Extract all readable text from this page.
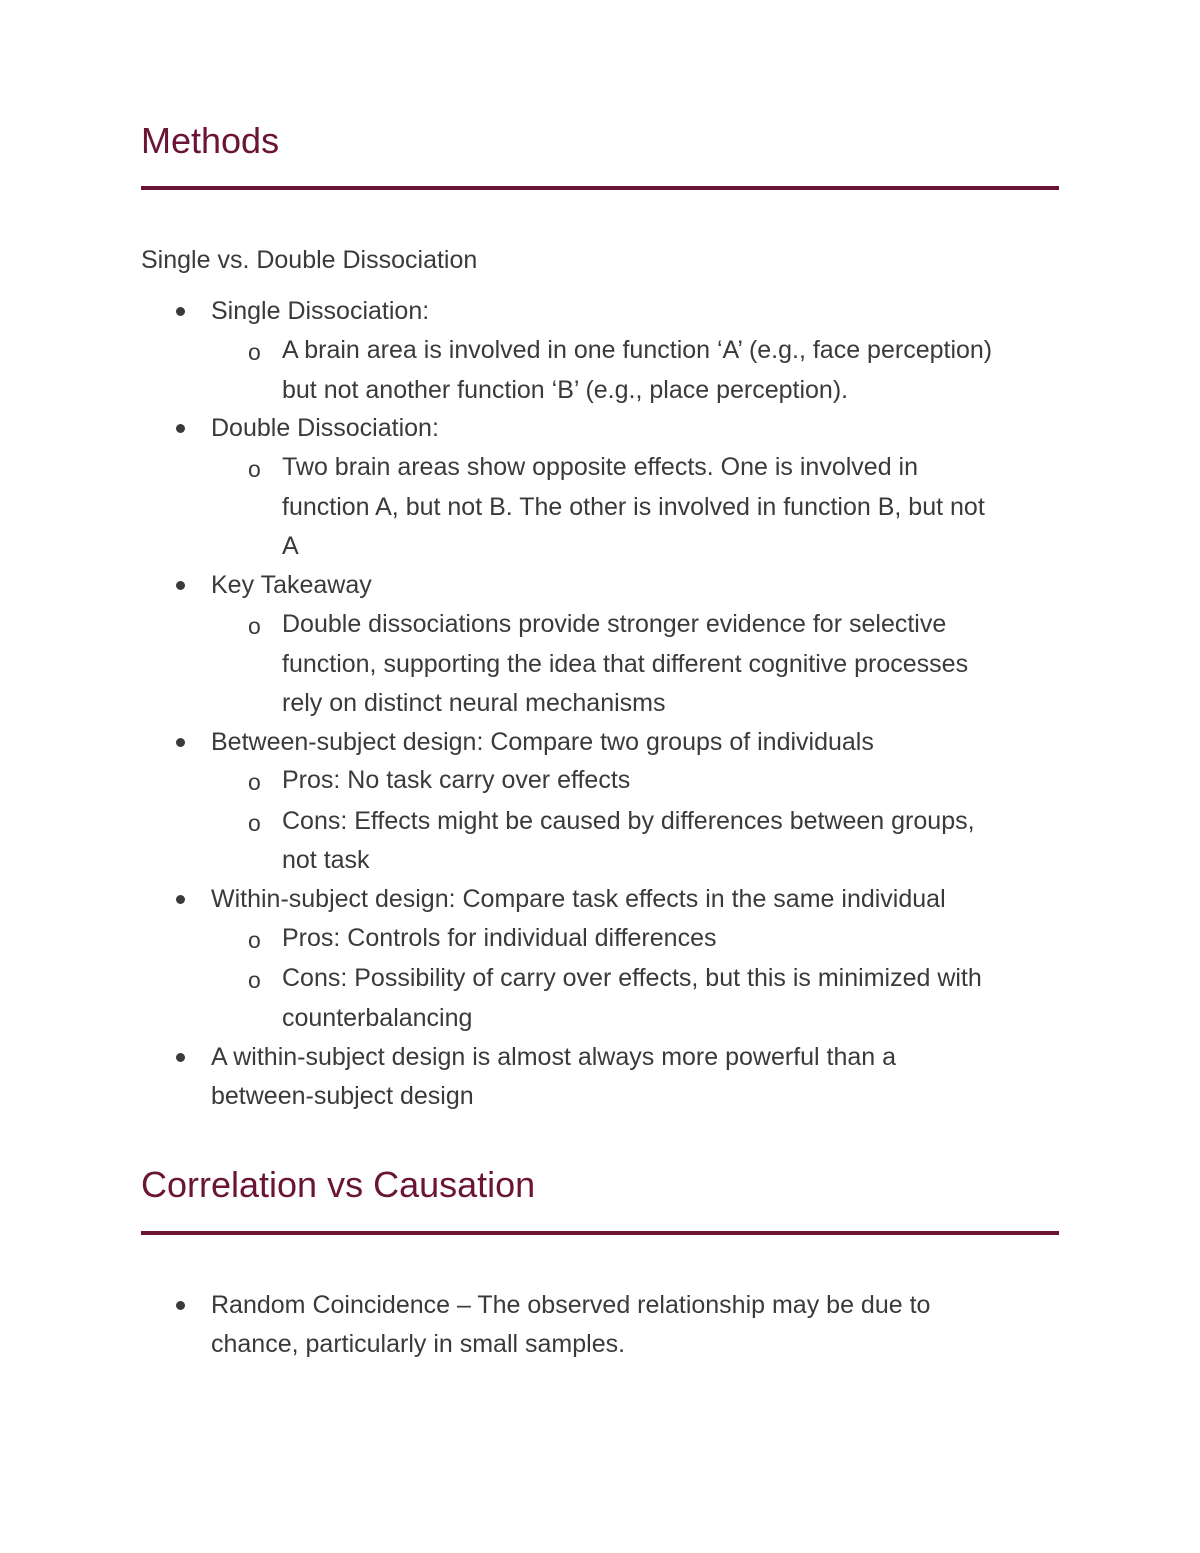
Methods
Single vs. Double Dissociation
Single Dissociation:
o A brain area is involved in one function ‘A’ (e.g., face perception)
but not another function ‘B’ (e.g., place perception).
Double Dissociation:
o Two brain areas show opposite effects. One is involved in
function A, but not B. The other is involved in function B, but not
A
Key Takeaway
o Double dissociations provide stronger evidence for selective
function, supporting the idea that different cognitive processes
rely on distinct neural mechanisms
Between-subject design: Compare two groups of individuals
o Pros: No task carry over effects
o Cons: Effects might be caused by differences between groups,
not task
Within-subject design: Compare task effects in the same individual
o Pros: Controls for individual differences
o Cons: Possibility of carry over effects, but this is minimized with
counterbalancing
A within-subject design is almost always more powerful than a
between-subject design
Correlation vs Causation
Random Coincidence – The observed relationship may be due to
chance, particularly in small samples.
